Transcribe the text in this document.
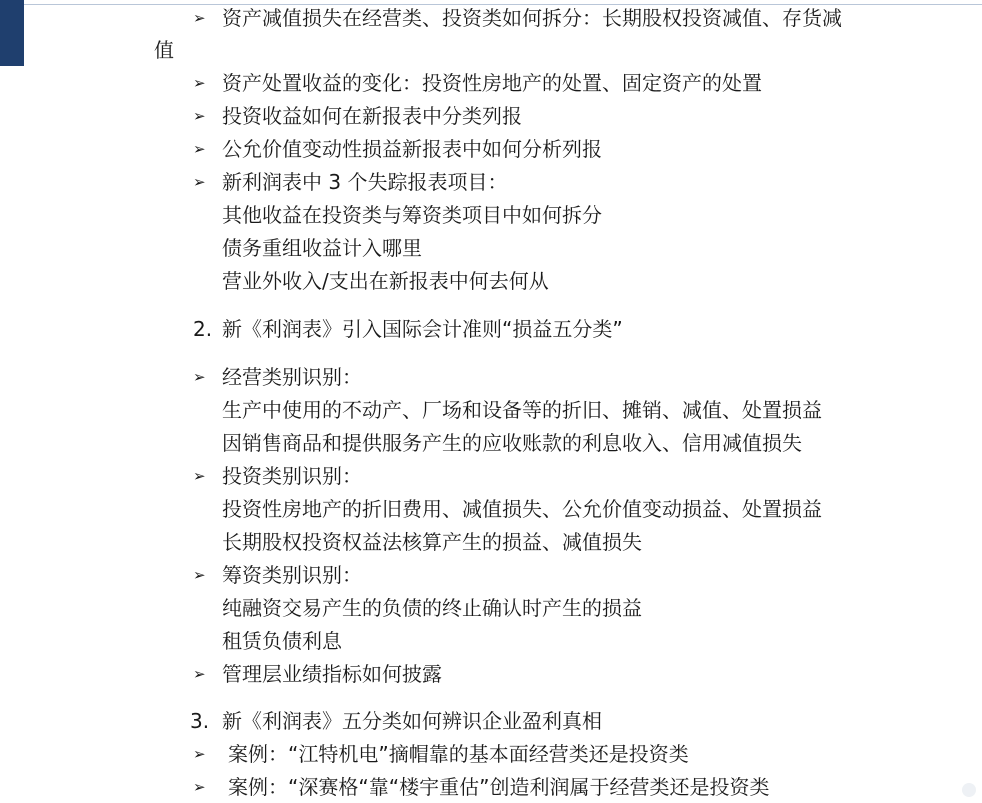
➢ 资产减值损失在经营类、投资类如何拆分：长期股权投资减值、存货减
值
➢ 资产处置收益的变化：投资性房地产的处置、固定资产的处置
➢ 投资收益如何在新报表中分类列报
➢ 公允价值变动性损益新报表中如何分析列报
➢ 新利润表中 3 个失踪报表项目：
其他收益在投资类与筹资类项目中如何拆分
债务重组收益计入哪里
营业外收入/支出在新报表中何去何从
2. 新《利润表》引入国际会计准则“损益五分类”
➢ 经营类别识别：
生产中使用的不动产、厂场和设备等的折旧、摊销、减值、处置损益
因销售商品和提供服务产生的应收账款的利息收入、信用减值损失
➢ 投资类别识别：
投资性房地产的折旧费用、减值损失、公允价值变动损益、处置损益
长期股权投资权益法核算产生的损益、减值损失
➢ 筹资类别识别：
纯融资交易产生的负债的终止确认时产生的损益
租赁负债利息
➢ 管理层业绩指标如何披露
3. 新《利润表》五分类如何辨识企业盈利真相
➢ 案例：“江特机电”摘帽靠的基本面经营类还是投资类
➢ 案例：“深赛格“靠“楼宇重估”创造利润属于经营类还是投资类
